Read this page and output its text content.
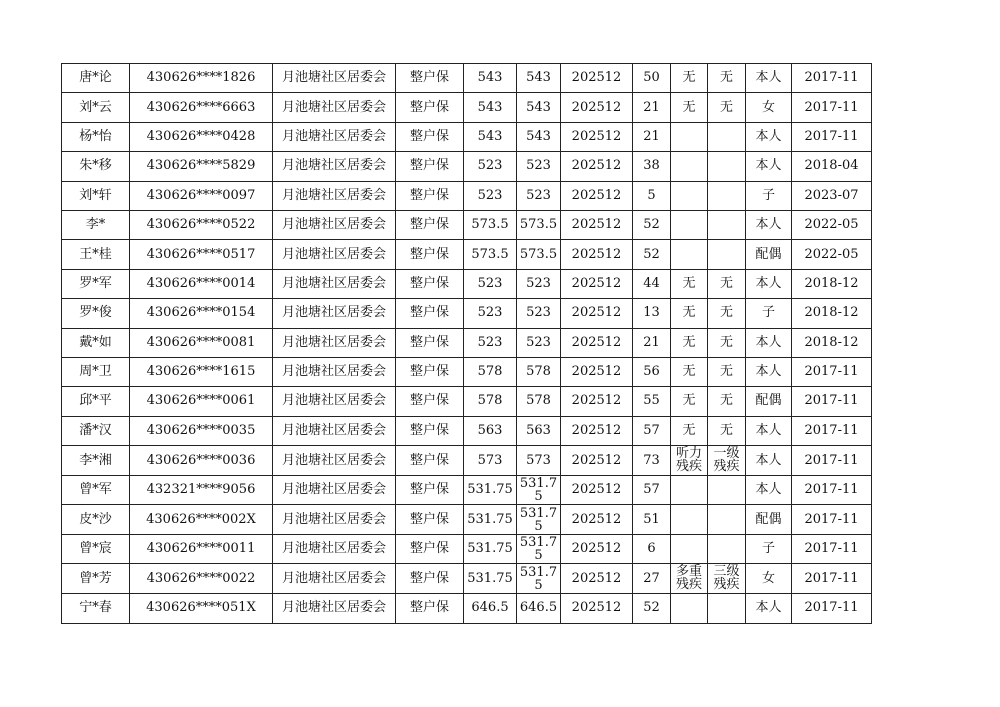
唐*论	430626****1826	月池塘社区居委会	整户保	543	543	202512	50	无	无	本人	2017-11
刘*云	430626****6663	月池塘社区居委会	整户保	543	543	202512	21	无	无	女	2017-11
杨*怡	430626****0428	月池塘社区居委会	整户保	543	543	202512	21			本人	2017-11
朱*移	430626****5829	月池塘社区居委会	整户保	523	523	202512	38			本人	2018-04
刘*轩	430626****0097	月池塘社区居委会	整户保	523	523	202512	5			子	2023-07
李*	430626****0522	月池塘社区居委会	整户保	573.5	573.5	202512	52			本人	2022-05
王*桂	430626****0517	月池塘社区居委会	整户保	573.5	573.5	202512	52			配偶	2022-05
罗*军	430626****0014	月池塘社区居委会	整户保	523	523	202512	44	无	无	本人	2018-12
罗*俊	430626****0154	月池塘社区居委会	整户保	523	523	202512	13	无	无	子	2018-12
戴*如	430626****0081	月池塘社区居委会	整户保	523	523	202512	21	无	无	本人	2018-12
周*卫	430626****1615	月池塘社区居委会	整户保	578	578	202512	56	无	无	本人	2017-11
邱*平	430626****0061	月池塘社区居委会	整户保	578	578	202512	55	无	无	配偶	2017-11
潘*汉	430626****0035	月池塘社区居委会	整户保	563	563	202512	57	无	无	本人	2017-11
李*湘	430626****0036	月池塘社区居委会	整户保	573	573	202512	73	听力残疾	一级残疾	本人	2017-11
曾*军	432321****9056	月池塘社区居委会	整户保	531.75	531.75	202512	57			本人	2017-11
皮*沙	430626****002X	月池塘社区居委会	整户保	531.75	531.75	202512	51			配偶	2017-11
曾*宸	430626****0011	月池塘社区居委会	整户保	531.75	531.75	202512	6			子	2017-11
曾*芳	430626****0022	月池塘社区居委会	整户保	531.75	531.75	202512	27	多重残疾	三级残疾	女	2017-11
宁*春	430626****051X	月池塘社区居委会	整户保	646.5	646.5	202512	52			本人	2017-11
